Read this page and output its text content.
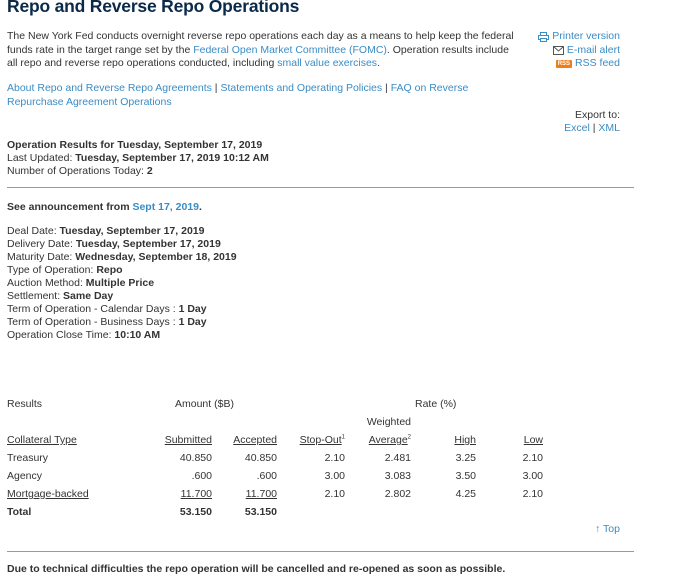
Repo and Reverse Repo Operations
The New York Fed conducts overnight reverse repo operations each day as a means to help keep the federal funds rate in the target range set by the Federal Open Market Committee (FOMC). Operation results include all repo and reverse repo operations conducted, including small value exercises.
Printer version
E-mail alert
RSS RSS feed
About Repo and Reverse Repo Agreements | Statements and Operating Policies | FAQ on Reverse Repurchase Agreement Operations
Export to:
Excel | XML
Operation Results for Tuesday, September 17, 2019
Last Updated: Tuesday, September 17, 2019 10:12 AM
Number of Operations Today: 2
See announcement from Sept 17, 2019.
Deal Date: Tuesday, September 17, 2019
Delivery Date: Tuesday, September 17, 2019
Maturity Date: Wednesday, September 18, 2019
Type of Operation: Repo
Auction Method: Multiple Price
Settlement: Same Day
Term of Operation - Calendar Days : 1 Day
Term of Operation - Business Days : 1 Day
Operation Close Time: 10:10 AM
Results	Amount ($B)				Rate (%)	
				Weighted		
Collateral Type	Submitted	Accepted	Stop-Out$^1$	Average$^2$	High	Low
Treasury	40.850	40.850	2.10	2.481	3.25	2.10
Agency	.600	.600	3.00	3.083	3.50	3.00
Mortgage-backed	11.700	11.700	2.10	2.802	4.25	2.10
Total	53.150	53.150				
↑ Top
Due to technical difficulties the repo operation will be cancelled and re-opened as soon as possible.
